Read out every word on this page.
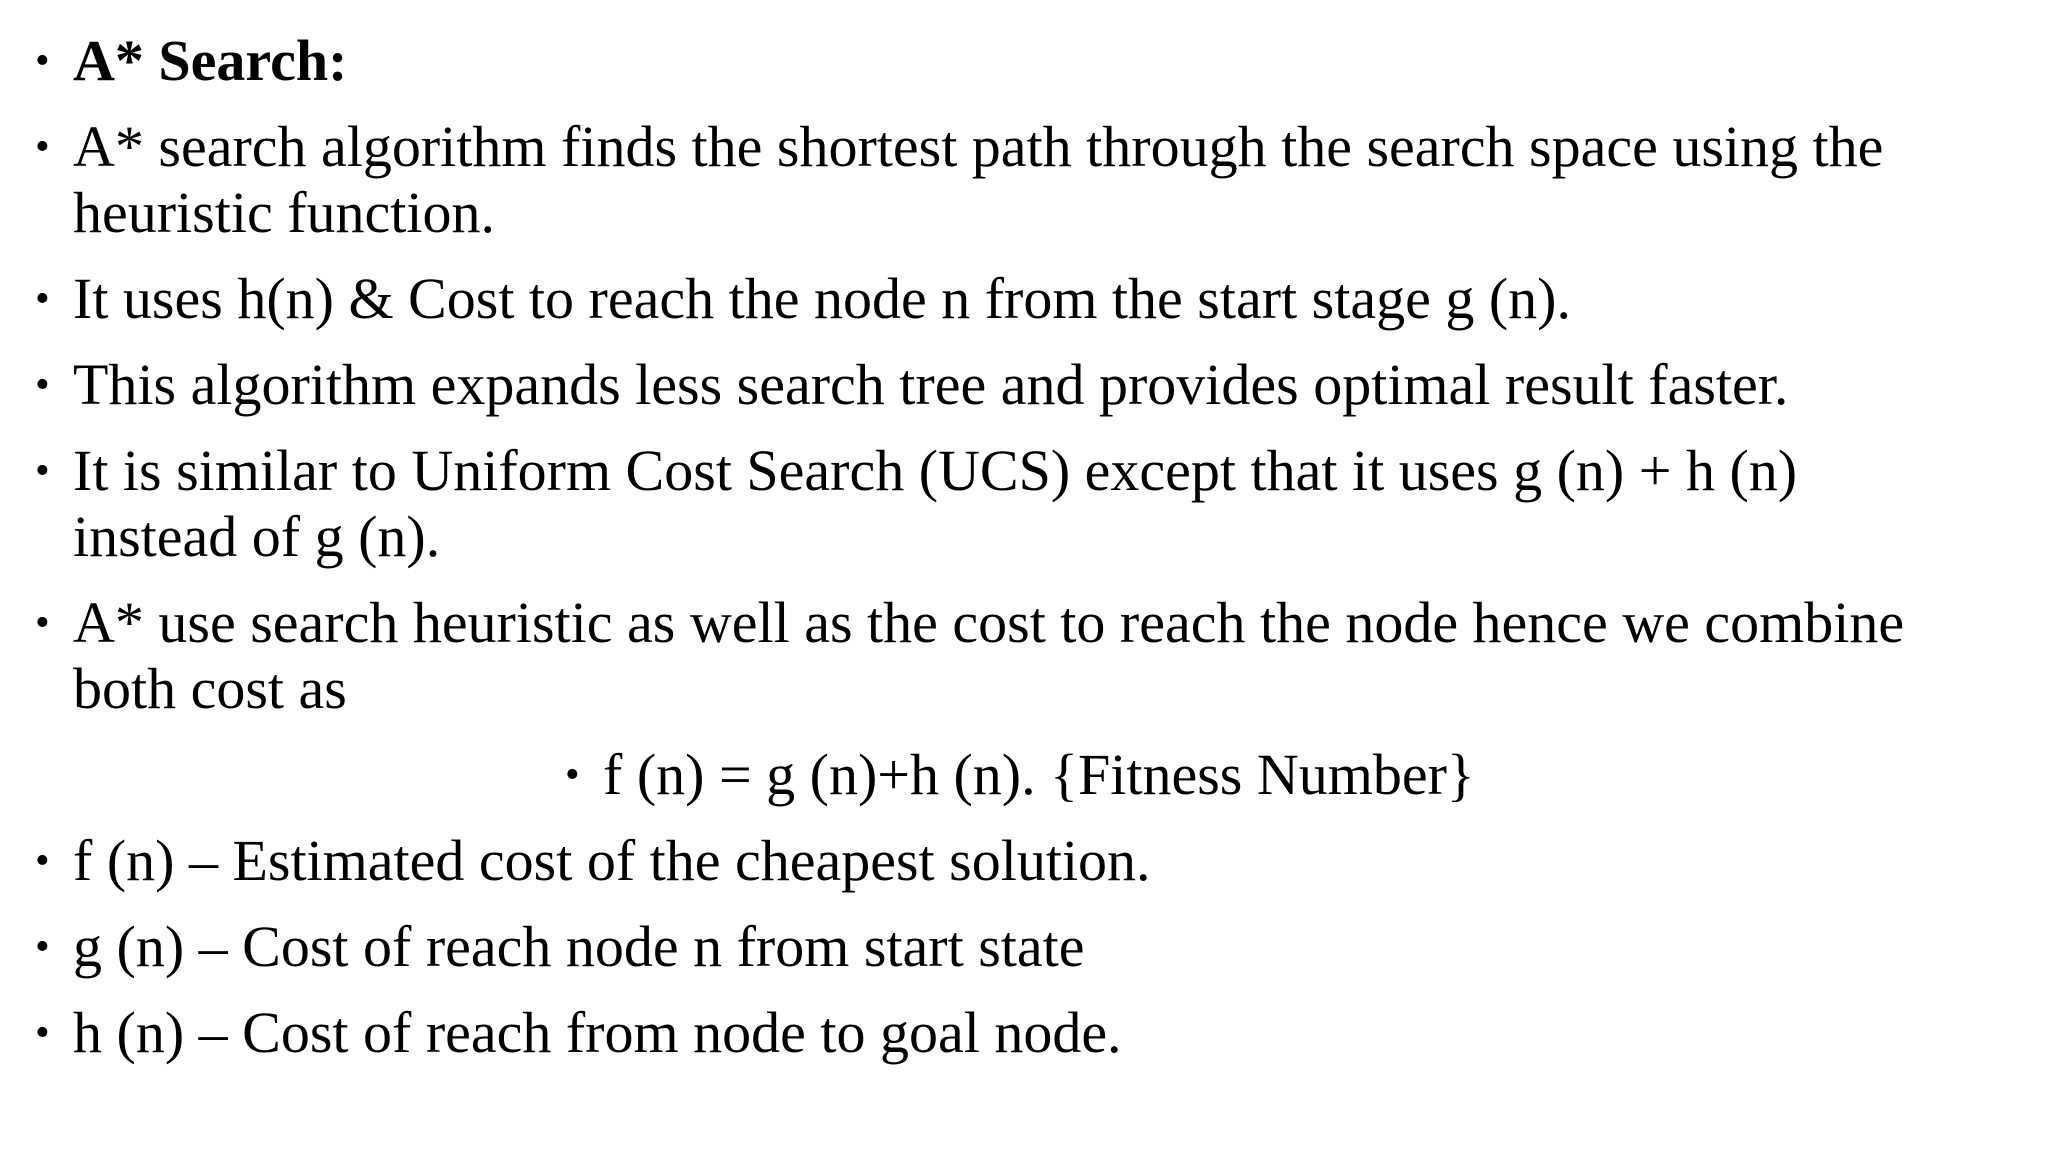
• A* Search:
• A* search algorithm finds the shortest path through the search space using the
heuristic function.
• It uses h(n) & Cost to reach the node n from the start stage g (n).
• This algorithm expands less search tree and provides optimal result faster.
• It is similar to Uniform Cost Search (UCS) except that it uses g (n) + h (n)
instead of g (n).
• A* use search heuristic as well as the cost to reach the node hence we combine
both cost as
• f (n) = g (n)+h (n). {Fitness Number}
• f (n) – Estimated cost of the cheapest solution.
• g (n) – Cost of reach node n from start state
• h (n) – Cost of reach from node to goal node.
